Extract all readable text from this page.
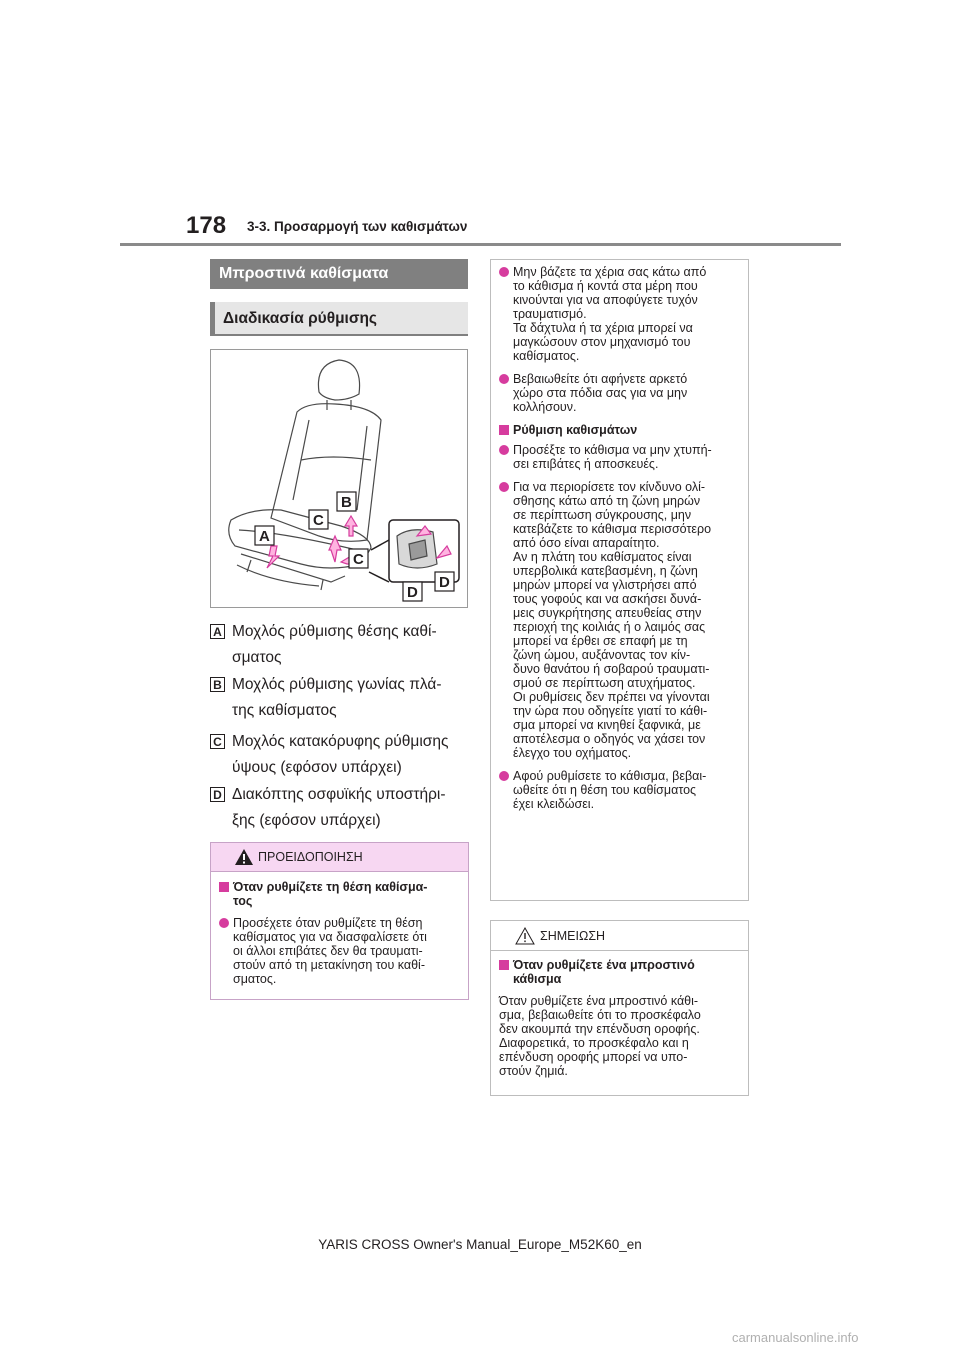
178 3-3. Προσαρμογή των καθισμάτων
Μπροστινά καθίσματα
Διαδικασία ρύθμισης
A
B
C
C
D
D
A Μοχλός ρύθμισης θέσης καθί-
σματος
B Μοχλός ρύθμισης γωνίας πλά-
της καθίσματος
C Μοχλός κατακόρυφης ρύθμισης
ύψους (εφόσον υπάρχει)
D Διακόπτης οσφυϊκής υποστήρι-
ξης (εφόσον υπάρχει)
ΠΡΟΕΙΔΟΠΟΙΗΣΗ
Όταν ρυθμίζετε τη θέση καθίσμα-
τος
Προσέχετε όταν ρυθμίζετε τη θέση
καθίσματος για να διασφαλίσετε ότι
οι άλλοι επιβάτες δεν θα τραυματι-
στούν από τη μετακίνηση του καθί-
σματος.
Μην βάζετε τα χέρια σας κάτω από
το κάθισμα ή κοντά στα μέρη που
κινούνται για να αποφύγετε τυχόν
τραυματισμό.
Τα δάχτυλα ή τα χέρια μπορεί να
μαγκώσουν στον μηχανισμό του
καθίσματος.
Βεβαιωθείτε ότι αφήνετε αρκετό
χώρο στα πόδια σας για να μην
κολλήσουν.
Ρύθμιση καθισμάτων
Προσέξτε το κάθισμα να μην χτυπή-
σει επιβάτες ή αποσκευές.
Για να περιορίσετε τον κίνδυνο ολί-
σθησης κάτω από τη ζώνη μηρών
σε περίπτωση σύγκρουσης, μην
κατεβάζετε το κάθισμα περισσότερο
από όσο είναι απαραίτητο.
Αν η πλάτη του καθίσματος είναι
υπερβολικά κατεβασμένη, η ζώνη
μηρών μπορεί να γλιστρήσει από
τους γοφούς και να ασκήσει δυνά-
μεις συγκρήτησης απευθείας στην
περιοχή της κοιλιάς ή ο λαιμός σας
μπορεί να έρθει σε επαφή με τη
ζώνη ώμου, αυξάνοντας τον κίν-
δυνο θανάτου ή σοβαρού τραυματι-
σμού σε περίπτωση ατυχήματος.
Οι ρυθμίσεις δεν πρέπει να γίνονται
την ώρα που οδηγείτε γιατί το κάθι-
σμα μπορεί να κινηθεί ξαφνικά, με
αποτέλεσμα ο οδηγός να χάσει τον
έλεγχο του οχήματος.
Αφού ρυθμίσετε το κάθισμα, βεβαι-
ωθείτε ότι η θέση του καθίσματος
έχει κλειδώσει.
ΣΗΜΕΙΩΣΗ
Όταν ρυθμίζετε ένα μπροστινό
κάθισμα
Όταν ρυθμίζετε ένα μπροστινό κάθι-
σμα, βεβαιωθείτε ότι το προσκέφαλο
δεν ακουμπά την επένδυση οροφής.
Διαφορετικά, το προσκέφαλο και η
επένδυση οροφής μπορεί να υπο-
στούν ζημιά.
YARIS CROSS Owner's Manual_Europe_M52K60_en
carmanualsonline.info
